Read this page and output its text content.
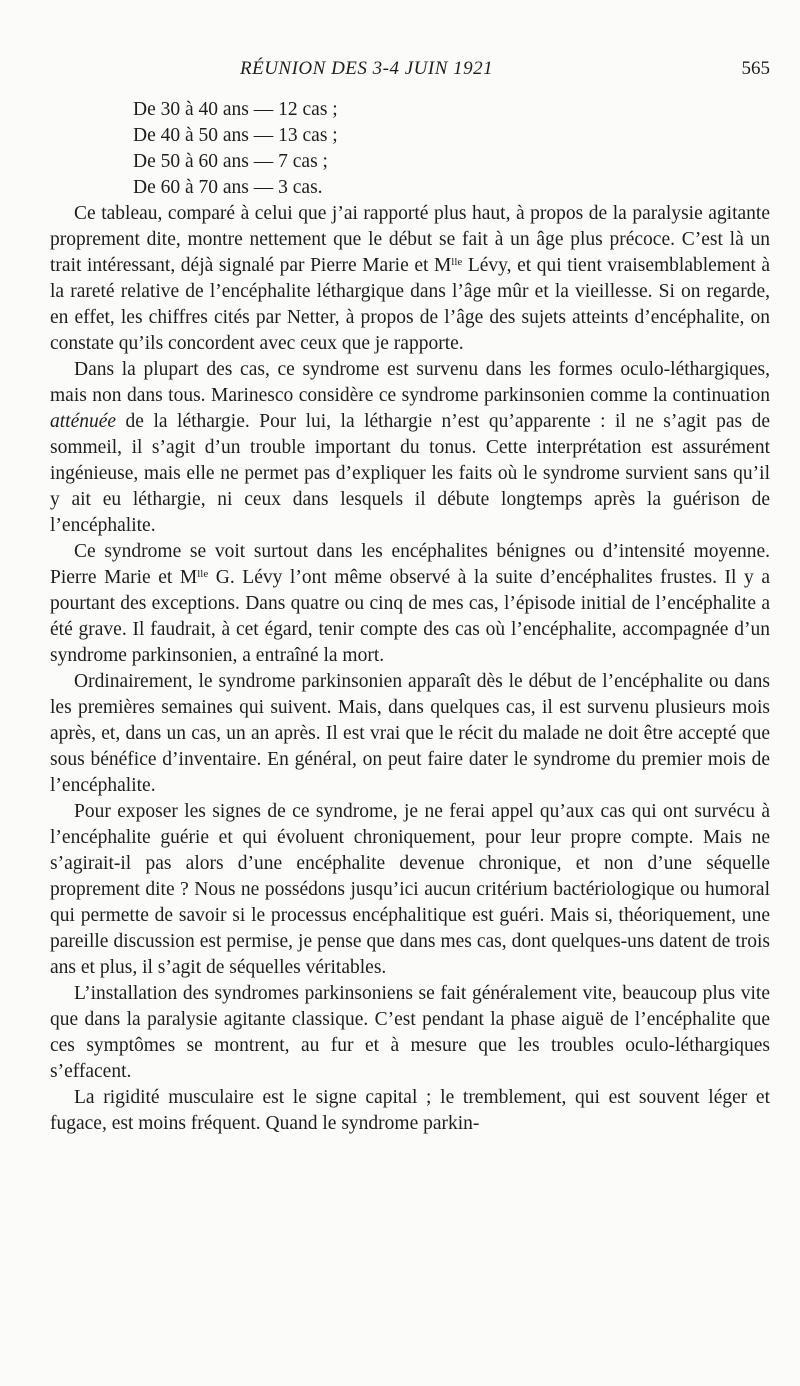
RÉUNION DES 3-4 JUIN 1921	565
De 30 à 40 ans — 12 cas ;
De 40 à 50 ans — 13 cas ;
De 50 à 60 ans — 7 cas ;
De 60 à 70 ans — 3 cas.

Ce tableau, comparé à celui que j’ai rapporté plus haut, à propos de la paralysie agitante proprement dite, montre nettement que le début se fait à un âge plus précoce. C’est là un trait intéressant, déjà signalé par Pierre Marie et $M^{lle}$ Lévy, et qui tient vraisemblablement à la rareté relative de l’encéphalite léthargique dans l’âge mûr et la vieillesse. Si on regarde, en effet, les chiffres cités par Netter, à propos de l’âge des sujets atteints d’encéphalite, on constate qu’ils concordent avec ceux que je rapporte.

Dans la plupart des cas, ce syndrome est survenu dans les formes oculo-léthargiques, mais non dans tous. Marinesco considère ce syndrome parkinsonien comme la continuation atténuée de la léthargie. Pour lui, la léthargie n’est qu’apparente : il ne s’agit pas de sommeil, il s’agit d’un trouble important du tonus. Cette interprétation est assurément ingénieuse, mais elle ne permet pas d’expliquer les faits où le syndrome survient sans qu’il y ait eu léthargie, ni ceux dans lesquels il débute longtemps après la guérison de l’encéphalite.

Ce syndrome se voit surtout dans les encéphalites bénignes ou d’intensité moyenne. Pierre Marie et $M^{lle}$ G. Lévy l’ont même observé à la suite d’encéphalites frustes. Il y a pourtant des exceptions. Dans quatre ou cinq de mes cas, l’épisode initial de l’encéphalite a été grave. Il faudrait, à cet égard, tenir compte des cas où l’encéphalite, accompagnée d’un syndrome parkinsonien, a entraîné la mort.

Ordinairement, le syndrome parkinsonien apparaît dès le début de l’encéphalite ou dans les premières semaines qui suivent. Mais, dans quelques cas, il est survenu plusieurs mois après, et, dans un cas, un an après. Il est vrai que le récit du malade ne doit être accepté que sous bénéfice d’inventaire. En général, on peut faire dater le syndrome du premier mois de l’encéphalite.

Pour exposer les signes de ce syndrome, je ne ferai appel qu’aux cas qui ont survécu à l’encéphalite guérie et qui évoluent chroniquement, pour leur propre compte. Mais ne s’agirait-il pas alors d’une encéphalite devenue chronique, et non d’une séquelle proprement dite ? Nous ne possédons jusqu’ici aucun critérium bactériologique ou humoral qui permette de savoir si le processus encéphalitique est guéri. Mais si, théoriquement, une pareille discussion est permise, je pense que dans mes cas, dont quelques-uns datent de trois ans et plus, il s’agit de séquelles véritables.

L’installation des syndromes parkinsoniens se fait généralement vite, beaucoup plus vite que dans la paralysie agitante classique. C’est pendant la phase aiguë de l’encéphalite que ces symptômes se montrent, au fur et à mesure que les troubles oculo-léthargiques s’effacent.

La rigidité musculaire est le signe capital ; le tremblement, qui est souvent léger et fugace, est moins fréquent. Quand le syndrome parkin-
